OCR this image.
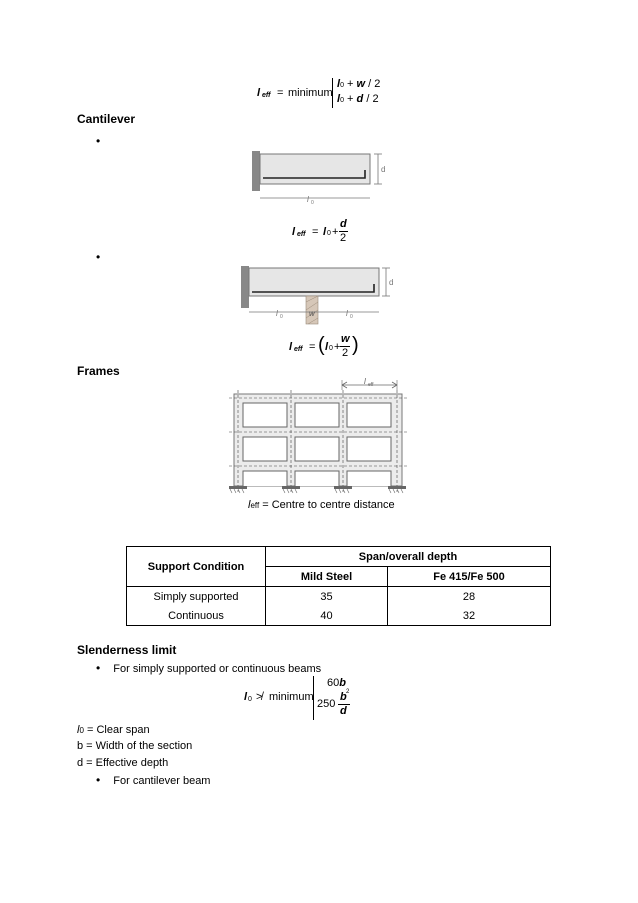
l eff = minimum
l0 + w / 2
l0 + d / 2
Cantilever
•
d
l 0
l eff = l 0 +
d
2
•
d
l 0	w	l 0
l eff = ( l 0 +
w
2 )
Frames
l eff
leff = Centre to centre distance
Support Condition	Span/overall depth	
	Mild Steel	Fe 415/Fe 500
Simply supported	35	28
Continuous	40	32
Slenderness limit
• For simply supported or continuous beams
l 0 ≯ minimum
60b
250
b 2
d
l0 = Clear span
b = Width of the section
d = Effective depth
• For cantilever beam
